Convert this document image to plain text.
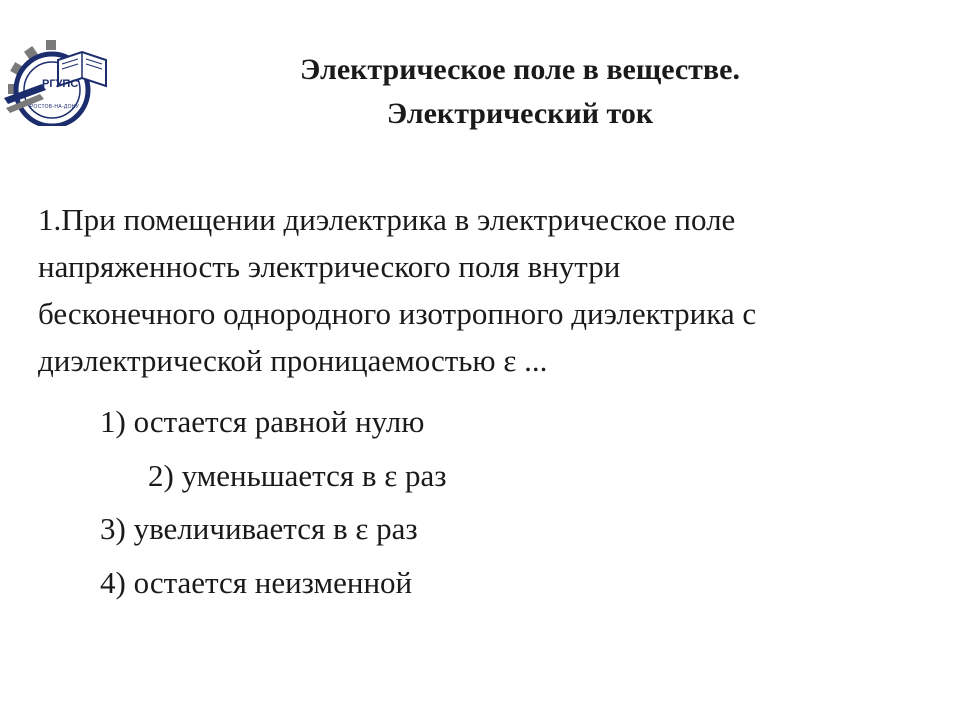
РГУПС
РОСТОВ-НА-ДОНУ
Электрическое поле в веществе.
Электрический ток
1.При помещении диэлектрика в электрическое поле
напряженность электрического поля внутри
бесконечного однородного изотропного диэлектрика с
диэлектрической проницаемостью ε ...
1) остается равной нулю
2) уменьшается в ε раз
3) увеличивается в ε раз
4) остается неизменной
